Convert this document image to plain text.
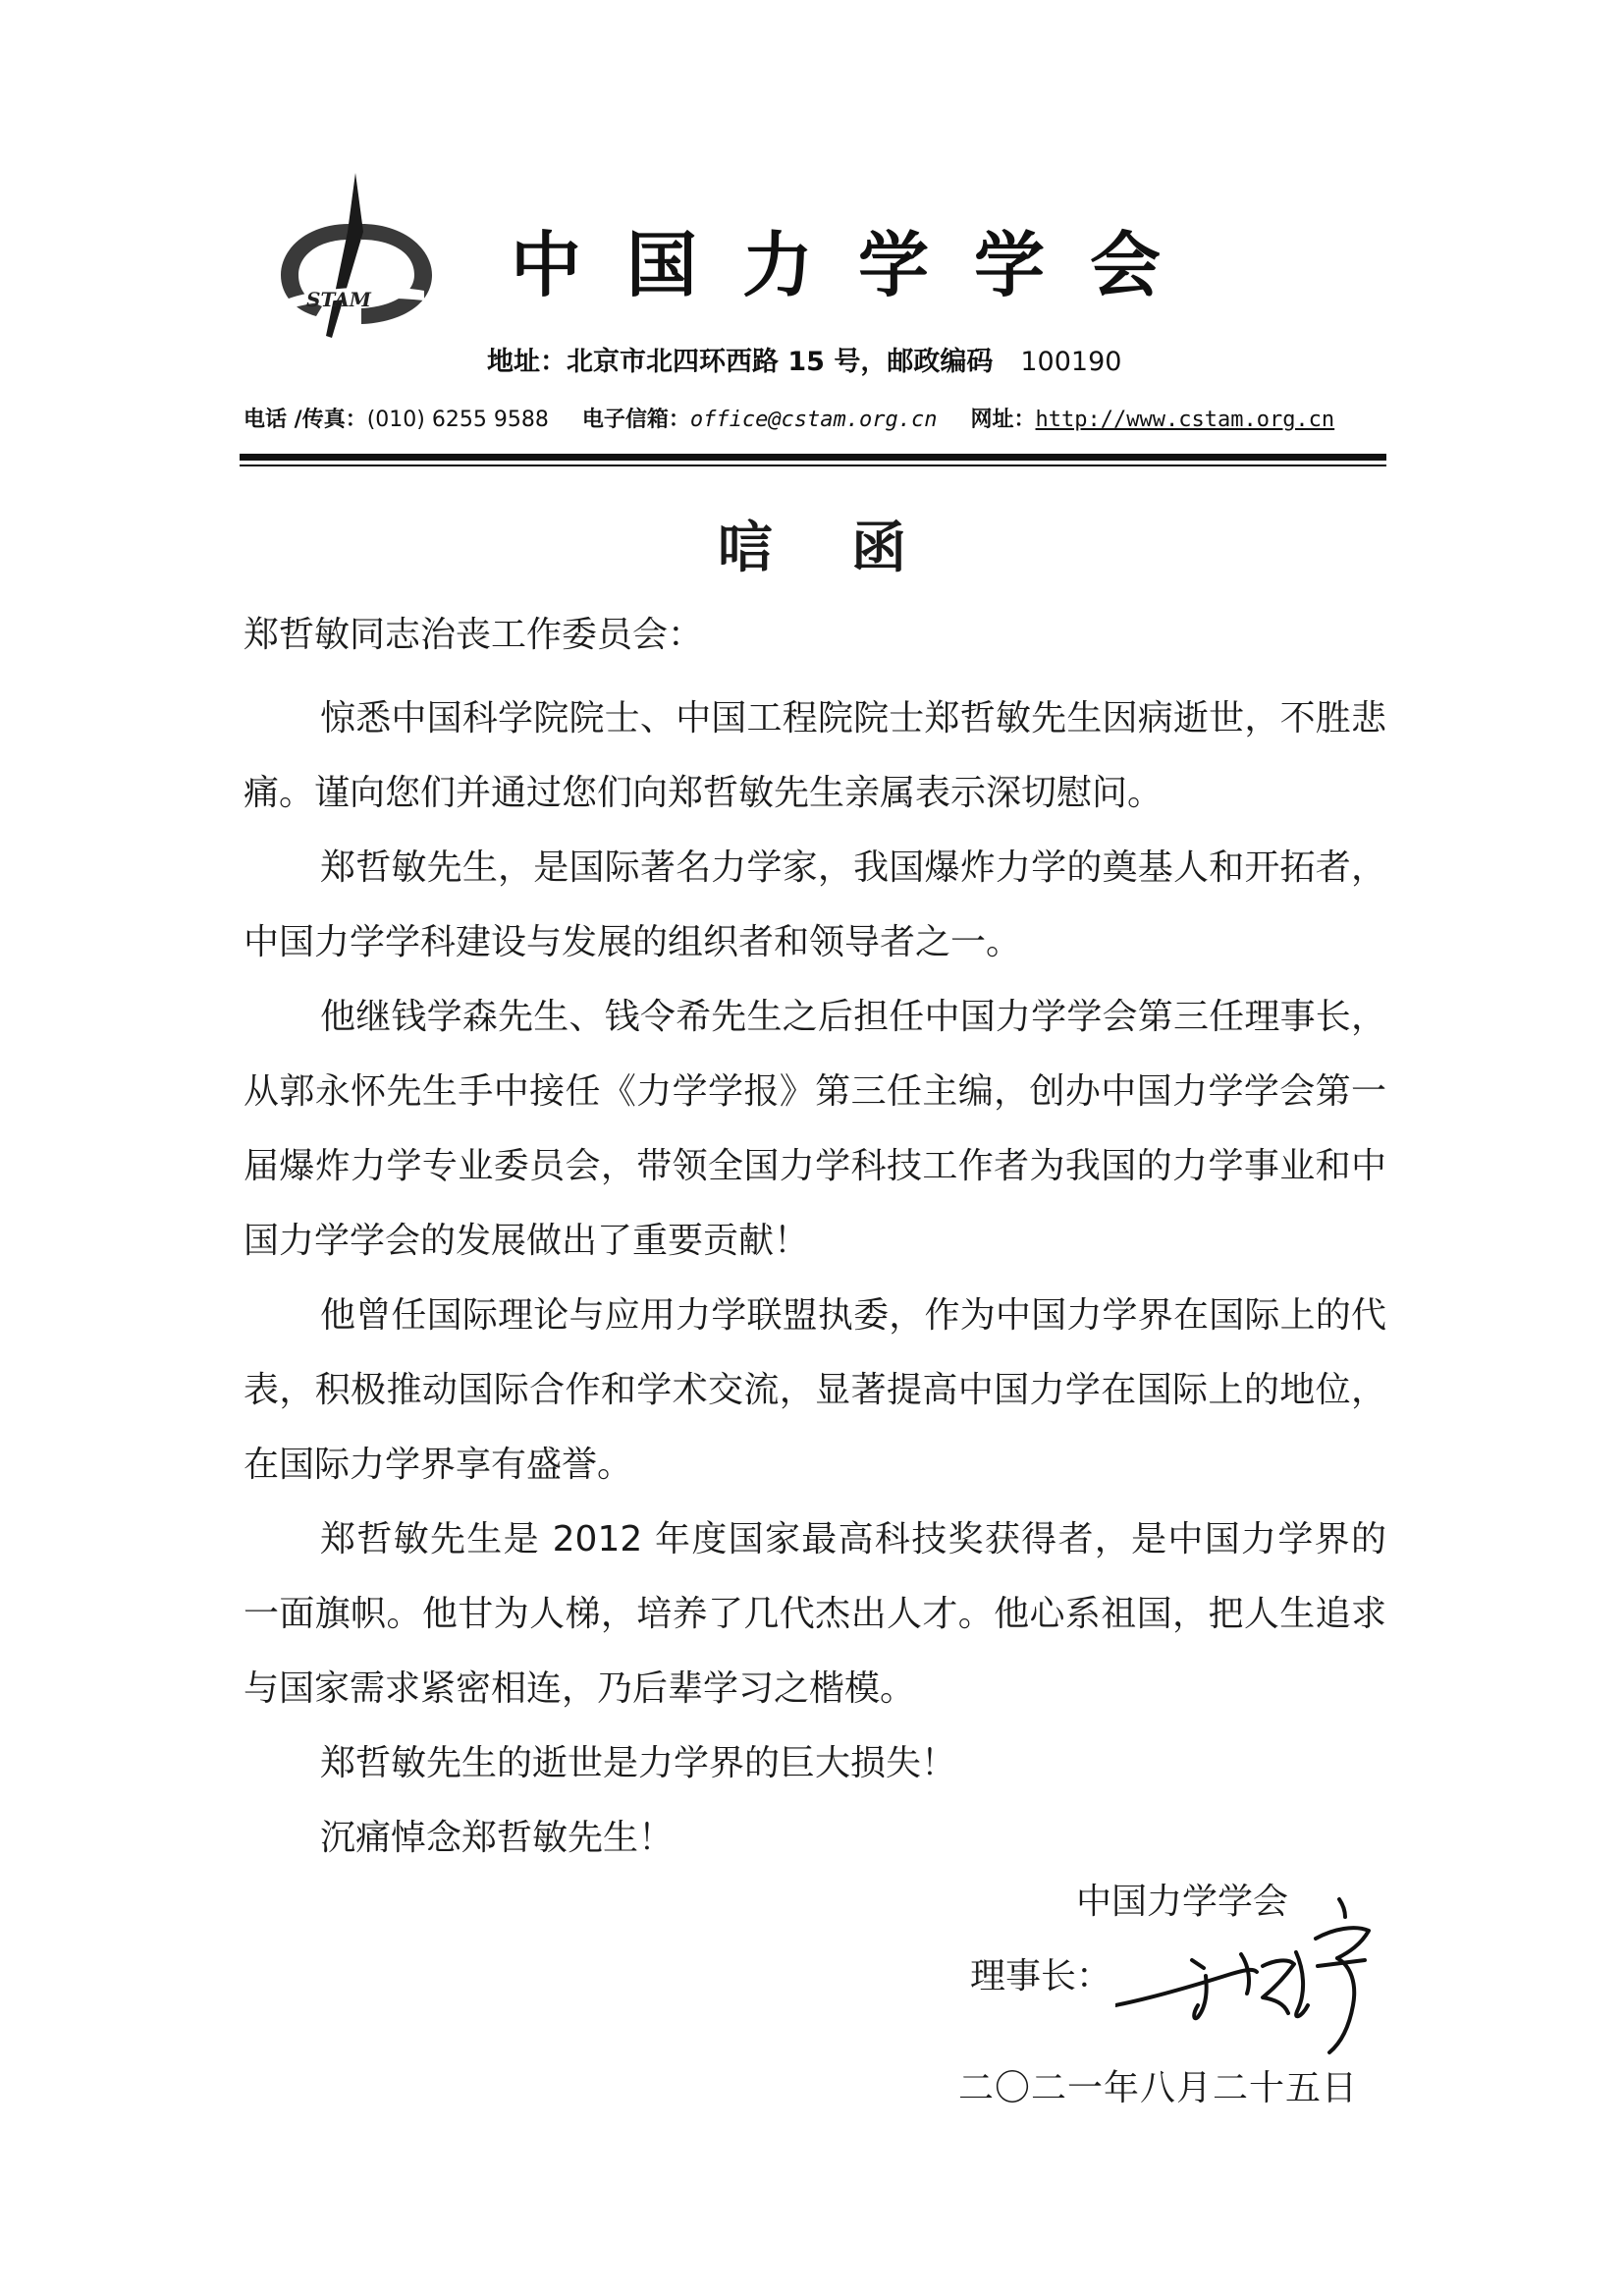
STAM 中国力学学会
地址：北京市北四环西路 15 号，邮政编码 100190
电话 /传真：(010) 6255 9588 电子信箱：office@cstam.org.cn 网址：http://www.cstam.org.cn
唁函
郑哲敏同志治丧工作委员会：

惊悉中国科学院院士、中国工程院院士郑哲敏先生因病逝世，不胜悲痛。谨向您们并通过您们向郑哲敏先生亲属表示深切慰问。

郑哲敏先生，是国际著名力学家，我国爆炸力学的奠基人和开拓者，中国力学学科建设与发展的组织者和领导者之一。

他继钱学森先生、钱令希先生之后担任中国力学学会第三任理事长，从郭永怀先生手中接任《力学学报》第三任主编，创办中国力学学会第一届爆炸力学专业委员会，带领全国力学科技工作者为我国的力学事业和中国力学学会的发展做出了重要贡献！

他曾任国际理论与应用力学联盟执委，作为中国力学界在国际上的代表，积极推动国际合作和学术交流，显著提高中国力学在国际上的地位，在国际力学界享有盛誉。

郑哲敏先生是 2012 年度国家最高科技奖获得者，是中国力学界的一面旗帜。他甘为人梯，培养了几代杰出人才。他心系祖国，把人生追求与国家需求紧密相连，乃后辈学习之楷模。

郑哲敏先生的逝世是力学界的巨大损失！

沉痛悼念郑哲敏先生！

中国力学学会
理事长：
二〇二一年八月二十五日
